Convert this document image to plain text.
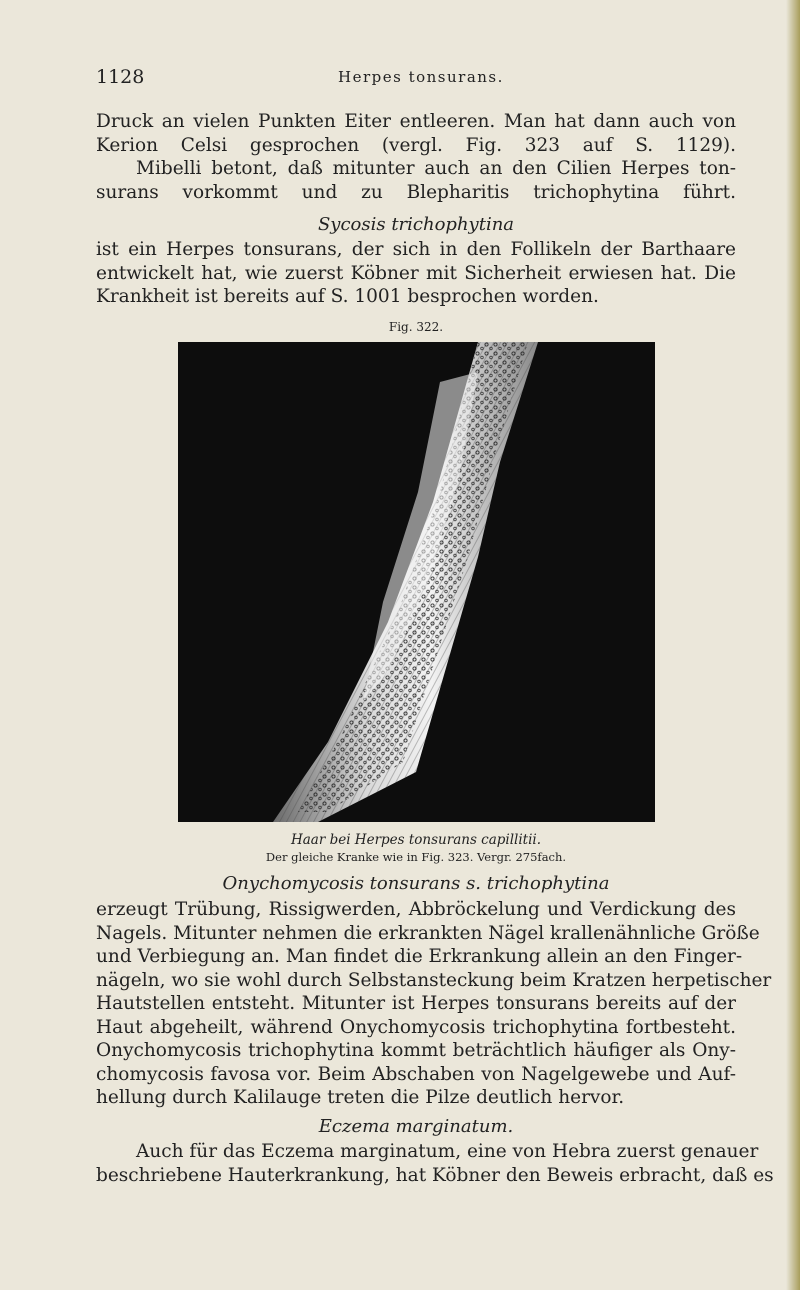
1128	Herpes tonsurans.
Druck an vielen Punkten Eiter entleeren. Man hat dann auch von
Kerion Celsi gesprochen (vergl. Fig. 323 auf S. 1129).
Mibelli betont, daß mitunter auch an den Cilien Herpes ton-
surans vorkommt und zu Blepharitis trichophytina führt.
Sycosis trichophytina
ist ein Herpes tonsurans, der sich in den Follikeln der Barthaare
entwickelt hat, wie zuerst Köbner mit Sicherheit erwiesen hat. Die
Krankheit ist bereits auf S. 1001 besprochen worden.
Fig. 322.
Haar bei Herpes tonsurans capillitii.
Der gleiche Kranke wie in Fig. 323. Vergr. 275fach.
Onychomycosis tonsurans s. trichophytina
erzeugt Trübung, Rissigwerden, Abbröckelung und Verdickung des
Nagels. Mitunter nehmen die erkrankten Nägel krallenähnliche Größe
und Verbiegung an. Man findet die Erkrankung allein an den Finger-
nägeln, wo sie wohl durch Selbstansteckung beim Kratzen herpetischer
Hautstellen entsteht. Mitunter ist Herpes tonsurans bereits auf der
Haut abgeheilt, während Onychomycosis trichophytina fortbesteht.
Onychomycosis trichophytina kommt beträchtlich häufiger als Ony-
chomycosis favosa vor. Beim Abschaben von Nagelgewebe und Auf-
hellung durch Kalilauge treten die Pilze deutlich hervor.
Eczema marginatum.
Auch für das Eczema marginatum, eine von Hebra zuerst genauer
beschriebene Hauterkrankung, hat Köbner den Beweis erbracht, daß es
